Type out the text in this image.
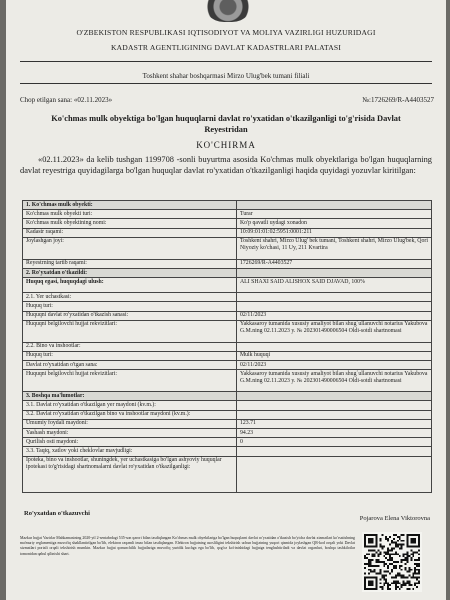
O'ZBEKISTON RESPUBLIKASI IQTISODIYOT VA MOLIYA VAZIRLIGI HUZURIDAGI
KADASTR AGENTLIGINING DAVLAT KADASTRLARI PALATASI
Toshkent shahar boshqarmasi Mirzo Ulug'bek tumani filiali
Chop etilgan sana: «02.11.2023»	№:1726269/R-A4403527
Ko'chmas mulk obyektiga bo'lgan huquqlarni davlat ro'yxatidan o'tkazilganligi to'g'risida Davlat Reyestridan
KO'CHIRMA
«02.11.2023» da kelib tushgan 1199708 -sonli buyurtma asosida Ko'chmas mulk obyektlariga bo'lgan huquqlarning davlat reyestriga quyidagilarga bo'lgan huquqlar davlat ro'yxatidan o'tkazilganligi haqida quyidagi yozuvlar kiritilgan:
1. Ko'chmas mulk obyekti:	
Ko'chmas mulk obyekti turi:	Turar
Ko'chmas mulk obyektining nomi:	Ko'p qavatli uydagi xonadon
Kadastr raqami:	10:09:01:01:02:5951:0001:211
Joylashgan joyi:	Toshkent shahri, Mirzo Ulug' bek tumani, Toshkent shahri, Mirzo Ulug'bek, Qori Niyoziy ko'chasi, 11 Uy, 211 Kvartira
Reyestrning tartib raqami:	1726269/R-A4403527
2. Ro'yxatdan o'tkazildi:	
Huquq egasi, huquqdagi ulush:	ALI SHAXI SAID ALISHOX SAID DJAVAD, 100%
2.1. Yer uchastkasi:	
Huquq turi:	
Huquqni davlat ro'yxatidan o'tkazish sanasi:	02/11/2023
Huquqni belgilovchi hujjat rekvizitlari:	Yakkasaroy tumanida xususiy amaliyot bilan shug`ullanuvchi notarius Yakubova G.M.ning 02.11.2023 y. № 202301490006504 Oldi-sotdi shartnomasi
2.2. Bino va inshootlar:	
Huquq turi:	Mulk huquqi
Davlat ro'yxatidan o'tgan sana:	02/11/2023
Huquqni belgilovchi hujjat rekvizitlari:	Yakkasaroy tumanida xususiy amaliyot bilan shug`ullanuvchi notarius Yakubova G.M.ning 02.11.2023 y. № 202301490006504 Oldi-sotdi shartnomasi
3. Boshqa ma'lumotlar:	
3.1. Davlat ro'yxatidan o'tkazilgan yer maydoni (kv.m.):	
3.2. Davlat ro'yxatidan o'tkazilgan bino va inshootlar maydoni (kv.m.):	
Umumiy foydali maydoni:	123.71
Yashash maydoni:	94.23
Qurilish osti maydoni:	0
3.3. Taqiq, xatlov yoki cheklovlar mavjudligi:	
Ipoteka, bino va inshootlar, shuningdek, yer uchastkasiga bo'lgan ashyoviy huquqlar ipotekasi to'g'risidagi shartnomalarni davlat ro'yxatidan o'tkazilganligi:	
Ro'yxatdan o'tkazuvchi
Pojarova Elena Viktorovna
Mazkur hujjat Vazirlar Mahkamasining 2020-yil 2-sentabrdagi 535-son qarori bilan tasdiqlangan Ko'chmas mulk obyektlariga bo'lgan huquqlarni davlat ro'yxatidan o'tkazish bo'yicha davlat xizmatlari ko'rsatishning ma'muriy reglamentiga muvofiq shakllantirilgan bo'lib, elektron raqamli imzo bilan tasdiqlangan. Elektron hujjatning asosliligini tekshirish uchun hujjatning yuqori qismida joylashgan QR-kod orqali yoki Davlat xizmatlari portali orqali tekshirish mumkin. Mazkur hujjat qonunchilik hujjatlariga muvofiq yuridik kuchga ega bo'lib, qog'oz ko'rinishidagi hujjatga tenglashtiriladi va davlat organlari, boshqa tashkilotlar tomonidan qabul qilinishi shart.
